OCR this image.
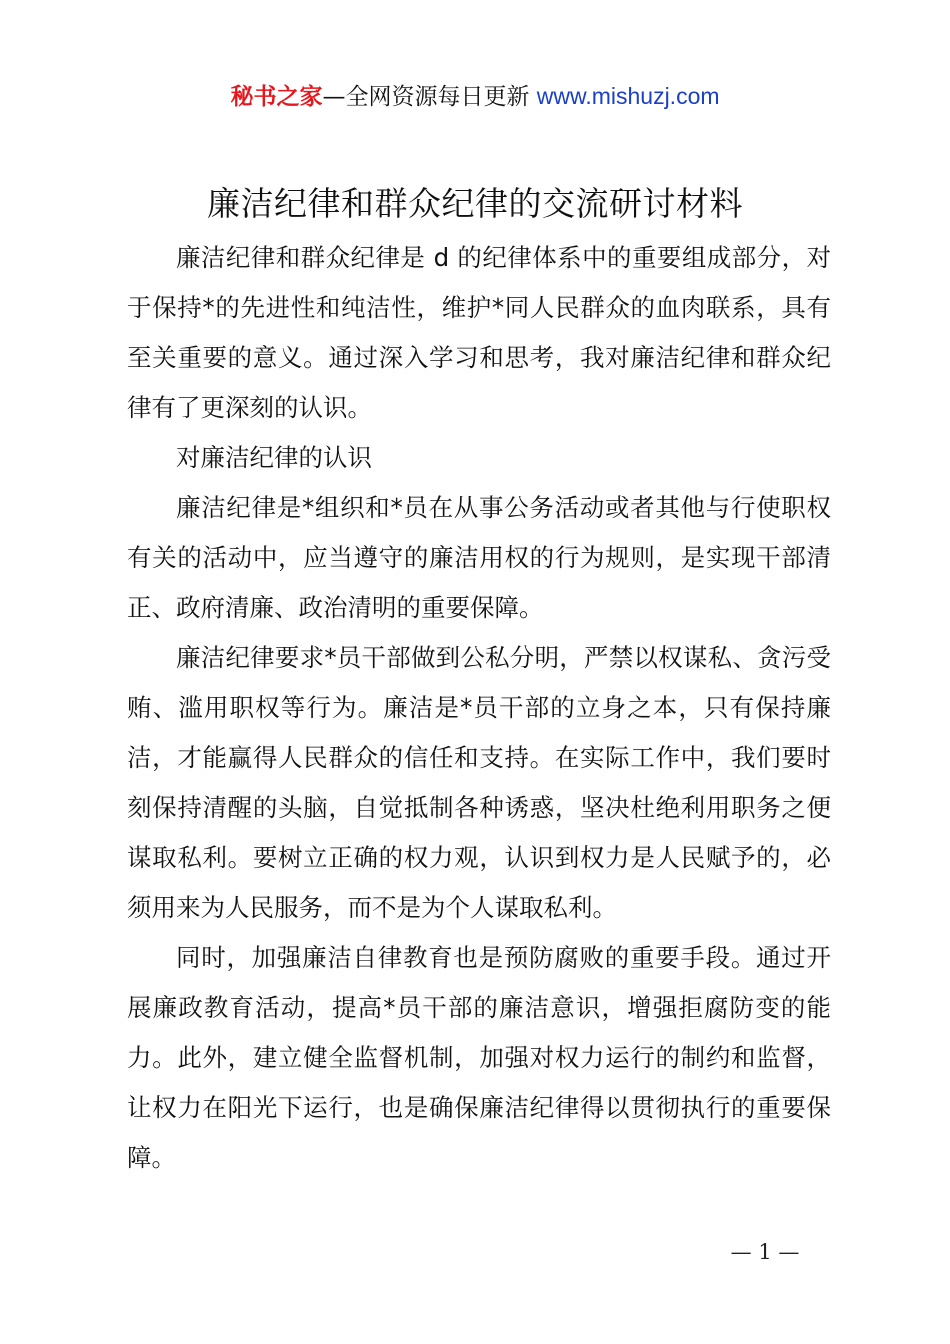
秘书之家—全网资源每日更新 www.mishuzj.com
廉洁纪律和群众纪律的交流研讨材料

廉洁纪律和群众纪律是 d 的纪律体系中的重要组成部分，对于保持*的先进性和纯洁性，维护*同人民群众的血肉联系，具有至关重要的意义。通过深入学习和思考，我对廉洁纪律和群众纪律有了更深刻的认识。

对廉洁纪律的认识

廉洁纪律是*组织和*员在从事公务活动或者其他与行使职权有关的活动中，应当遵守的廉洁用权的行为规则，是实现干部清正、政府清廉、政治清明的重要保障。

廉洁纪律要求*员干部做到公私分明，严禁以权谋私、贪污受贿、滥用职权等行为。廉洁是*员干部的立身之本，只有保持廉洁，才能赢得人民群众的信任和支持。在实际工作中，我们要时刻保持清醒的头脑，自觉抵制各种诱惑，坚决杜绝利用职务之便谋取私利。要树立正确的权力观，认识到权力是人民赋予的，必须用来为人民服务，而不是为个人谋取私利。

同时，加强廉洁自律教育也是预防腐败的重要手段。通过开展廉政教育活动，提高*员干部的廉洁意识，增强拒腐防变的能力。此外，建立健全监督机制，加强对权力运行的制约和监督，让权力在阳光下运行，也是确保廉洁纪律得以贯彻执行的重要保障。

— 1 —
